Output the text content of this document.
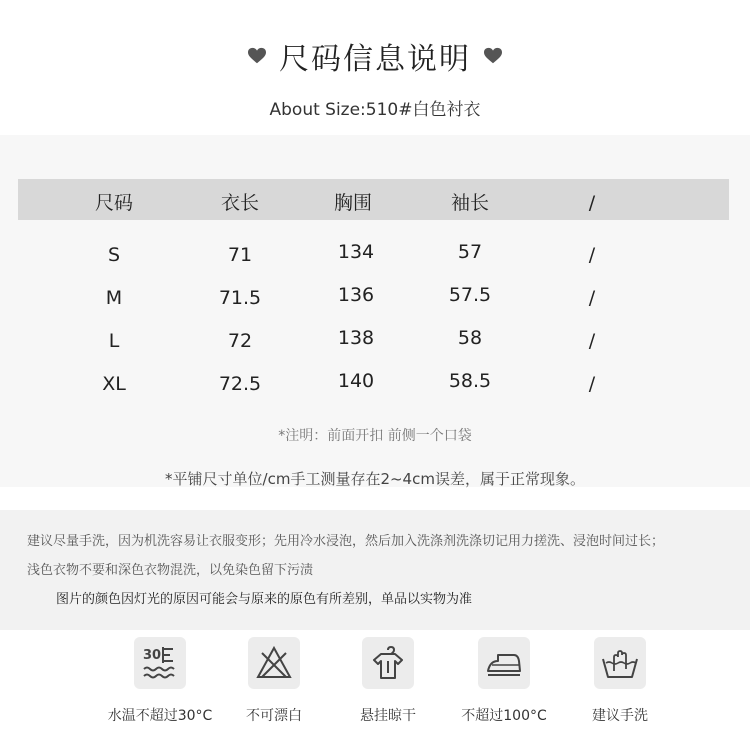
尺码信息说明
About Size:510#白色衬衣
尺码	衣长	胸围	袖长	/
S	71	134	57	/
M	71.5	136	57.5	/
L	72	138	58	/
XL	72.5	140	58.5	/
*注明：前面开扣 前侧一个口袋
*平铺尺寸单位/cm手工测量存在2~4cm误差，属于正常现象。
建议尽量手洗，因为机洗容易让衣服变形；先用冷水浸泡，然后加入洗涤剂洗涤切记用力搓洗、浸泡时间过长；
浅色衣物不要和深色衣物混洗，以免染色留下污渍
图片的颜色因灯光的原因可能会与原来的原色有所差别，单品以实物为准
30
水温不超过30°C	不可漂白	悬挂晾干	不超过100°C	建议手洗
